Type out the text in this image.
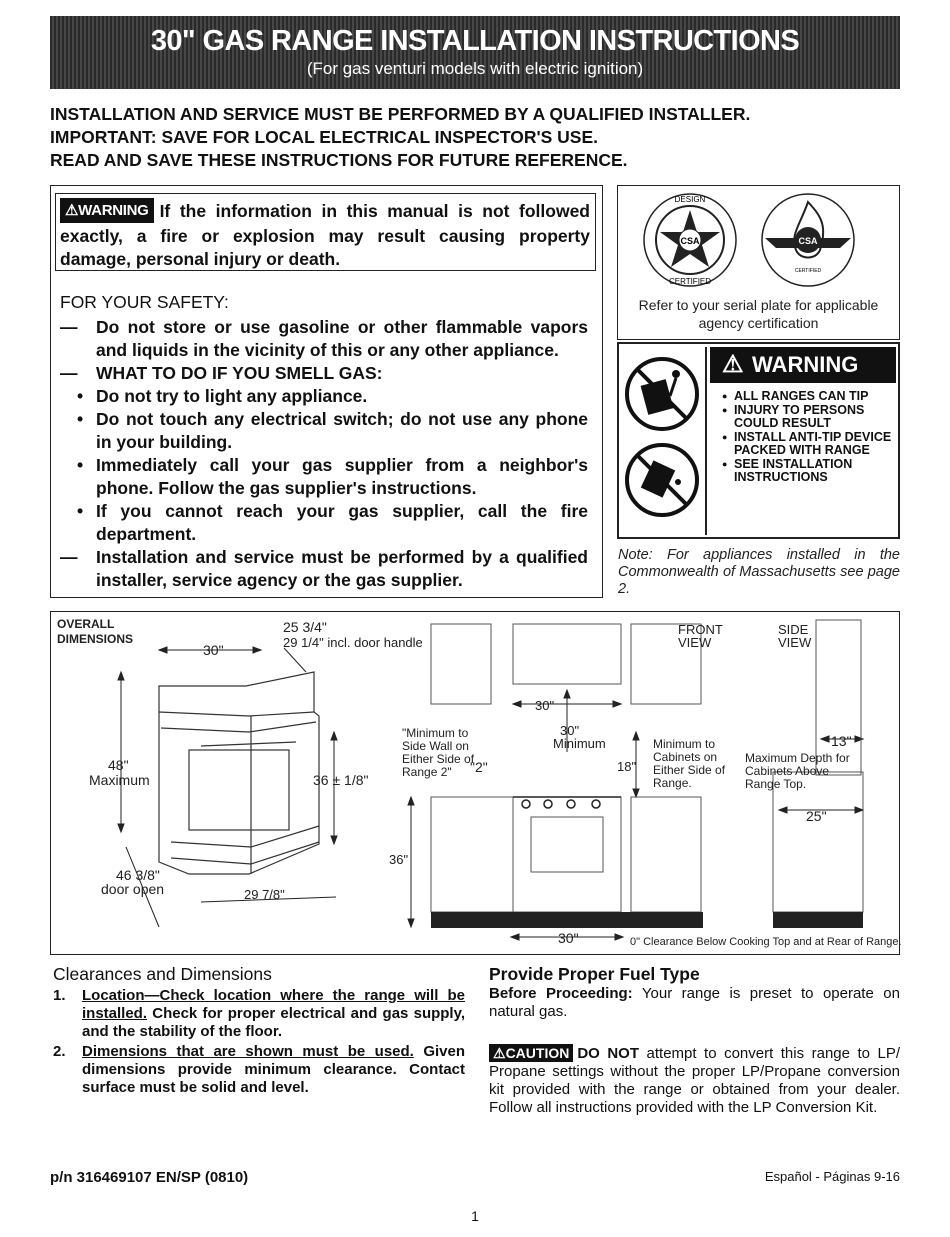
30" GAS RANGE INSTALLATION INSTRUCTIONS
(For gas venturi models with electric ignition)
INSTALLATION AND SERVICE MUST BE PERFORMED BY A QUALIFIED INSTALLER.
IMPORTANT: SAVE FOR LOCAL ELECTRICAL INSPECTOR'S USE.
READ AND SAVE THESE INSTRUCTIONS FOR FUTURE REFERENCE.
⚠WARNING If the information in this manual is not followed exactly, a fire or explosion may result causing property damage, personal injury or death.
FOR YOUR SAFETY:
—	Do not store or use gasoline or other flammable vapors and liquids in the vicinity of this or any other appliance.
—	WHAT TO DO IF YOU SMELL GAS:
• Do not try to light any appliance.
• Do not touch any electrical switch; do not use any phone in your building.
• Immediately call your gas supplier from a neighbor's phone. Follow the gas supplier's instructions.
• If you cannot reach your gas supplier, call the fire department.
—	Installation and service must be performed by a qualified installer, service agency or the gas supplier.
CSA
DESIGN
CERTIFIED
CSA
CERTIFIED
Refer to your serial plate for applicable agency certification
⚠ WARNING
● ALL RANGES CAN TIP
● INJURY TO PERSONS COULD RESULT
● INSTALL ANTI-TIP DEVICE PACKED WITH RANGE
● SEE INSTALLATION INSTRUCTIONS
Note: For appliances installed in the Commonwealth of Massachusetts see page 2.
OVERALL
DIMENSIONS
30"
25 3/4"
29 1/4" incl. door handle
48"
Maximum	36 ± 1/8"
46 3/8"
door open	29 7/8"
FRONT
VIEW
SIDE
VIEW
30"
30"
Minimum
"Minimum to Side Wall on Either Side of Range 2"	"2"	18"
Minimum to Cabinets on Either Side of Range.
13"
Maximum Depth for Cabinets Above Range Top.
25"
36"
30"	0" Clearance Below Cooking Top and at Rear of Range.
Clearances and Dimensions
1. Location—Check location where the range will be installed. Check for proper electrical and gas supply, and the stability of the floor.
2. Dimensions that are shown must be used. Given dimensions provide minimum clearance. Contact surface must be solid and level.
Provide Proper Fuel Type
Before Proceeding: Your range is preset to operate on natural gas.
⚠CAUTION DO NOT attempt to convert this range to LP/ Propane settings without the proper LP/Propane conversion kit provided with the range or obtained from your dealer. Follow all instructions provided with the LP Conversion Kit.
p/n 316469107 EN/SP (0810)	Español - Páginas 9-16
1
